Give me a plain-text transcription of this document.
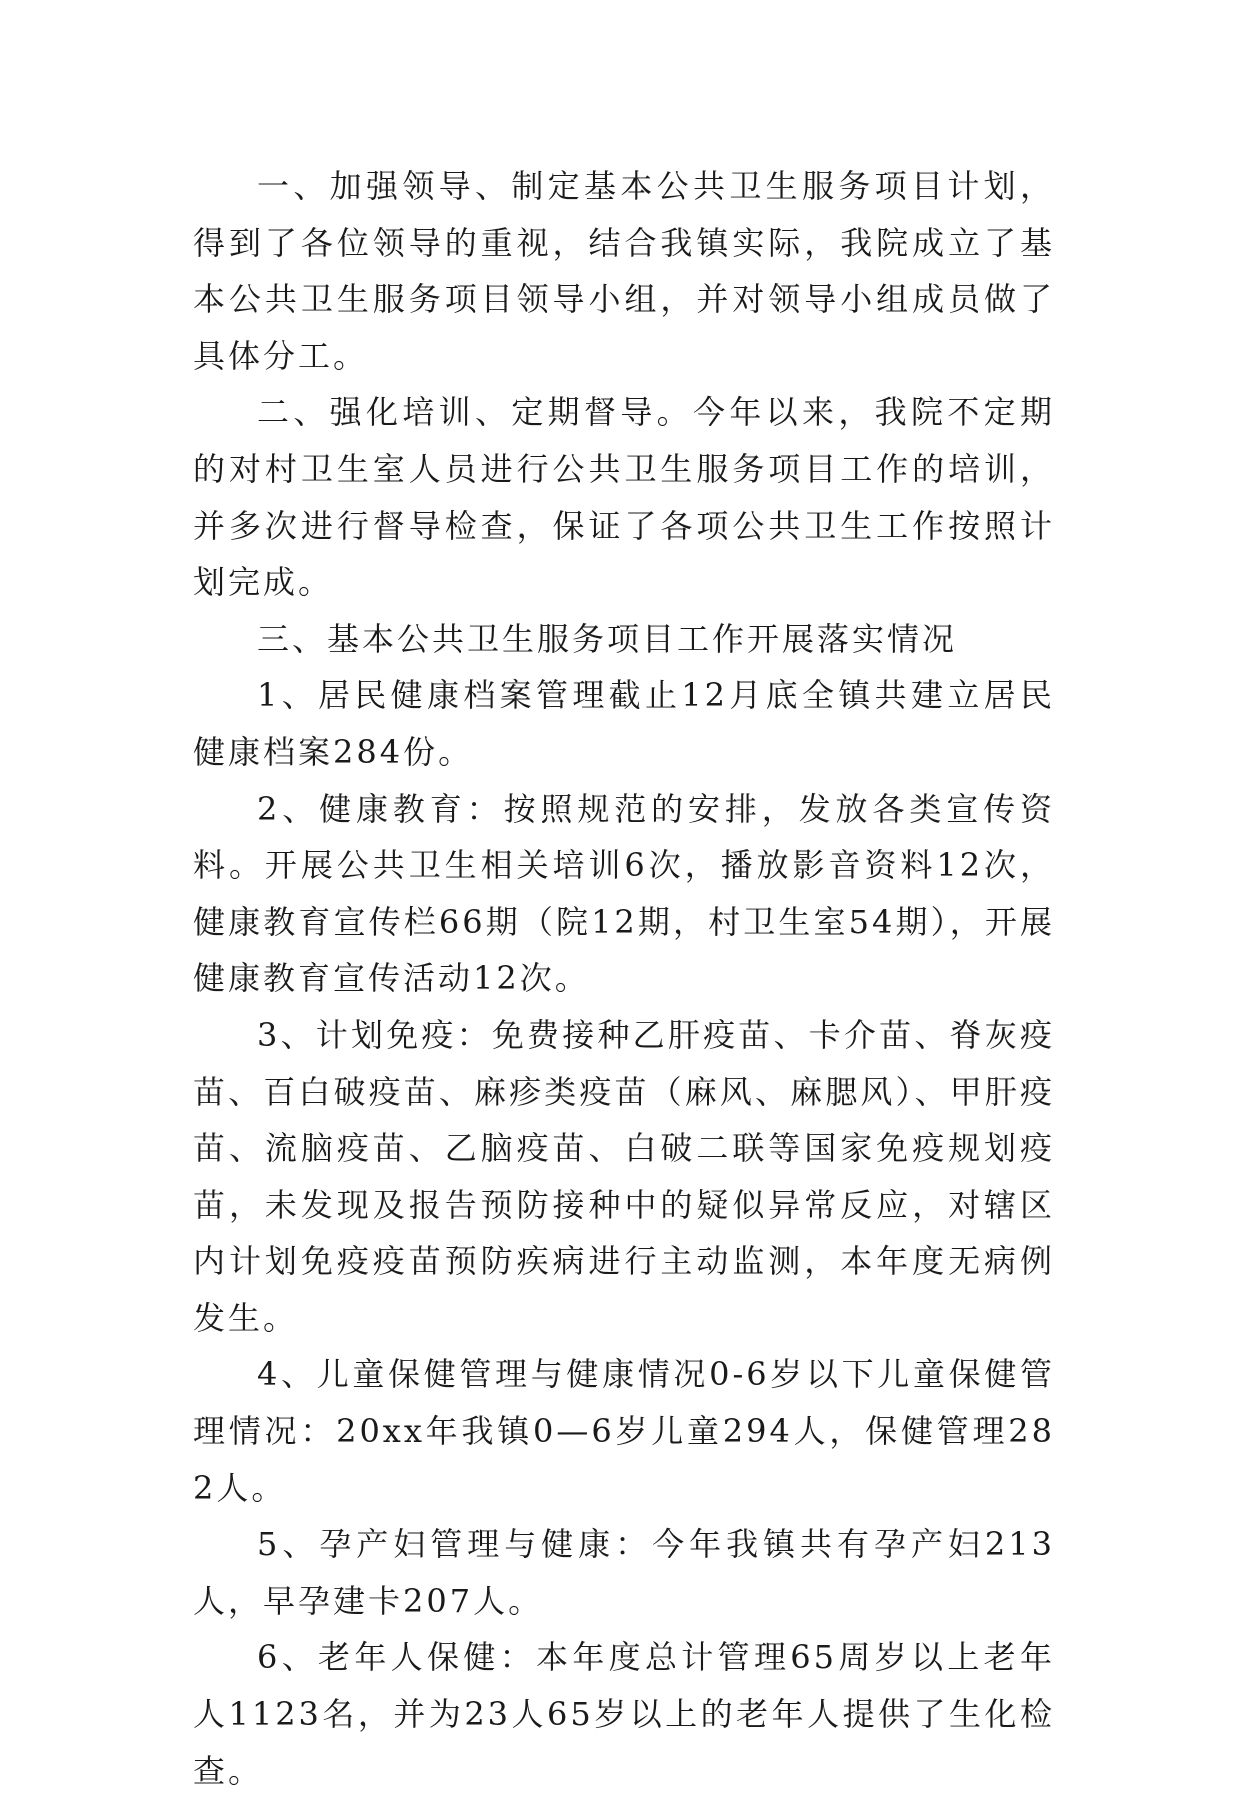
一、加强领导、制定基本公共卫生服务项目计划，得到了各位领导的重视，结合我镇实际，我院成立了基本公共卫生服务项目领导小组，并对领导小组成员做了具体分工。

二、强化培训、定期督导。今年以来，我院不定期的对村卫生室人员进行公共卫生服务项目工作的培训，并多次进行督导检查，保证了各项公共卫生工作按照计划完成。

三、基本公共卫生服务项目工作开展落实情况

1、居民健康档案管理截止12月底全镇共建立居民健康档案284份。

2、健康教育：按照规范的安排，发放各类宣传资料。开展公共卫生相关培训6次，播放影音资料12次，健康教育宣传栏66期（院12期，村卫生室54期），开展健康教育宣传活动12次。

3、计划免疫：免费接种乙肝疫苗、卡介苗、脊灰疫苗、百白破疫苗、麻疹类疫苗（麻风、麻腮风）、甲肝疫苗、流脑疫苗、乙脑疫苗、白破二联等国家免疫规划疫苗，未发现及报告预防接种中的疑似异常反应，对辖区内计划免疫疫苗预防疾病进行主动监测，本年度无病例发生。

4、儿童保健管理与健康情况0-6岁以下儿童保健管理情况：20xx年我镇0—6岁儿童294人，保健管理282人。

5、孕产妇管理与健康：今年我镇共有孕产妇213人，早孕建卡207人。

6、老年人保健：本年度总计管理65周岁以上老年人1123名，并为23人65岁以上的老年人提供了生化检查。
